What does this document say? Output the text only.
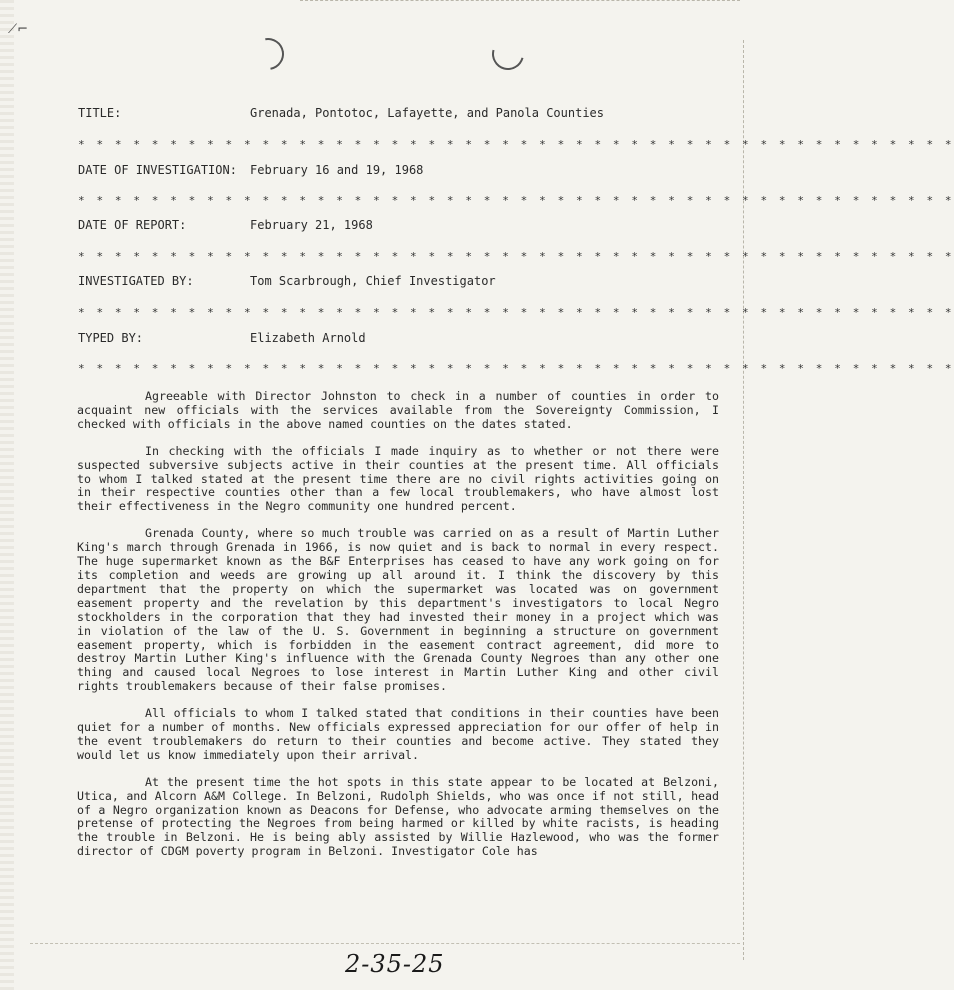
⟋⌐
TITLE:	Grenada, Pontotoc, Lafayette, and Panola Counties
* * * * * * * * * * * * * * * * * * * * * * * * * * * * * * * * * * * * * * * * * * * * * * * *
DATE OF INVESTIGATION: February 16 and 19, 1968
* * * * * * * * * * * * * * * * * * * * * * * * * * * * * * * * * * * * * * * * * * * * * * * *
DATE OF REPORT:	February 21, 1968
* * * * * * * * * * * * * * * * * * * * * * * * * * * * * * * * * * * * * * * * * * * * * * * *
INVESTIGATED BY:	Tom Scarbrough, Chief Investigator
* * * * * * * * * * * * * * * * * * * * * * * * * * * * * * * * * * * * * * * * * * * * * * * *
TYPED BY:	Elizabeth Arnold
* * * * * * * * * * * * * * * * * * * * * * * * * * * * * * * * * * * * * * * * * * * * * * * *

Agreeable with Director Johnston to check in a number of counties in order to acquaint new officials with the services available from the Sovereignty Commission, I checked with officials in the above named counties on the dates stated.

In checking with the officials I made inquiry as to whether or not there were suspected subversive subjects active in their counties at the present time. All officials to whom I talked stated at the present time there are no civil rights activities going on in their respective counties other than a few local troublemakers, who have almost lost their effectiveness in the Negro community one hundred percent.

Grenada County, where so much trouble was carried on as a result of Martin Luther King's march through Grenada in 1966, is now quiet and is back to normal in every respect. The huge supermarket known as the B&F Enterprises has ceased to have any work going on for its completion and weeds are growing up all around it. I think the discovery by this department that the property on which the supermarket was located was on government easement property and the revelation by this department's investigators to local Negro stockholders in the corporation that they had invested their money in a project which was in violation of the law of the U. S. Government in beginning a structure on government easement property, which is forbidden in the easement contract agreement, did more to destroy Martin Luther King's influence with the Grenada County Negroes than any other one thing and caused local Negroes to lose interest in Martin Luther King and other civil rights troublemakers because of their false promises.

All officials to whom I talked stated that conditions in their counties have been quiet for a number of months. New officials expressed appreciation for our offer of help in the event troublemakers do return to their counties and become active. They stated they would let us know immediately upon their arrival.

At the present time the hot spots in this state appear to be located at Belzoni, Utica, and Alcorn A&M College. In Belzoni, Rudolph Shields, who was once if not still, head of a Negro organization known as Deacons for Defense, who advocate arming themselves on the pretense of protecting the Negroes from being harmed or killed by white racists, is heading the trouble in Belzoni. He is being ably assisted by Willie Hazlewood, who was the former director of CDGM poverty program in Belzoni. Investigator Cole has

2-35-25
